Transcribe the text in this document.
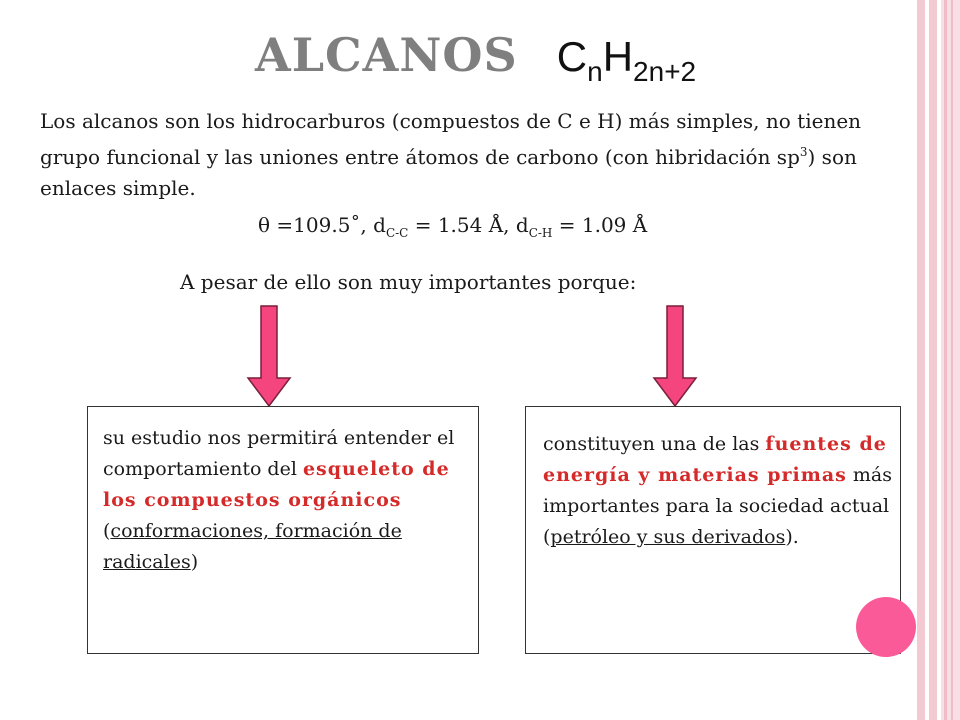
ALCANOS $C_nH_{2n+2}$

Los alcanos son los hidrocarburos (compuestos de C e H) más simples, no tienen grupo funcional y las uniones entre átomos de carbono (con hibridación $sp^3$) son enlaces simple.

θ =109.5˚, $d_{C-C} = 1.54$ Å, $d_{C-H} = 1.09$ Å
A pesar de ello son muy importantes porque:

su estudio nos permitirá entender el comportamiento del esqueleto de los compuestos orgánicos (conformaciones, formación de radicales)

constituyen una de las fuentes de energía y materias primas más importantes para la sociedad actual (petróleo y sus derivados).
